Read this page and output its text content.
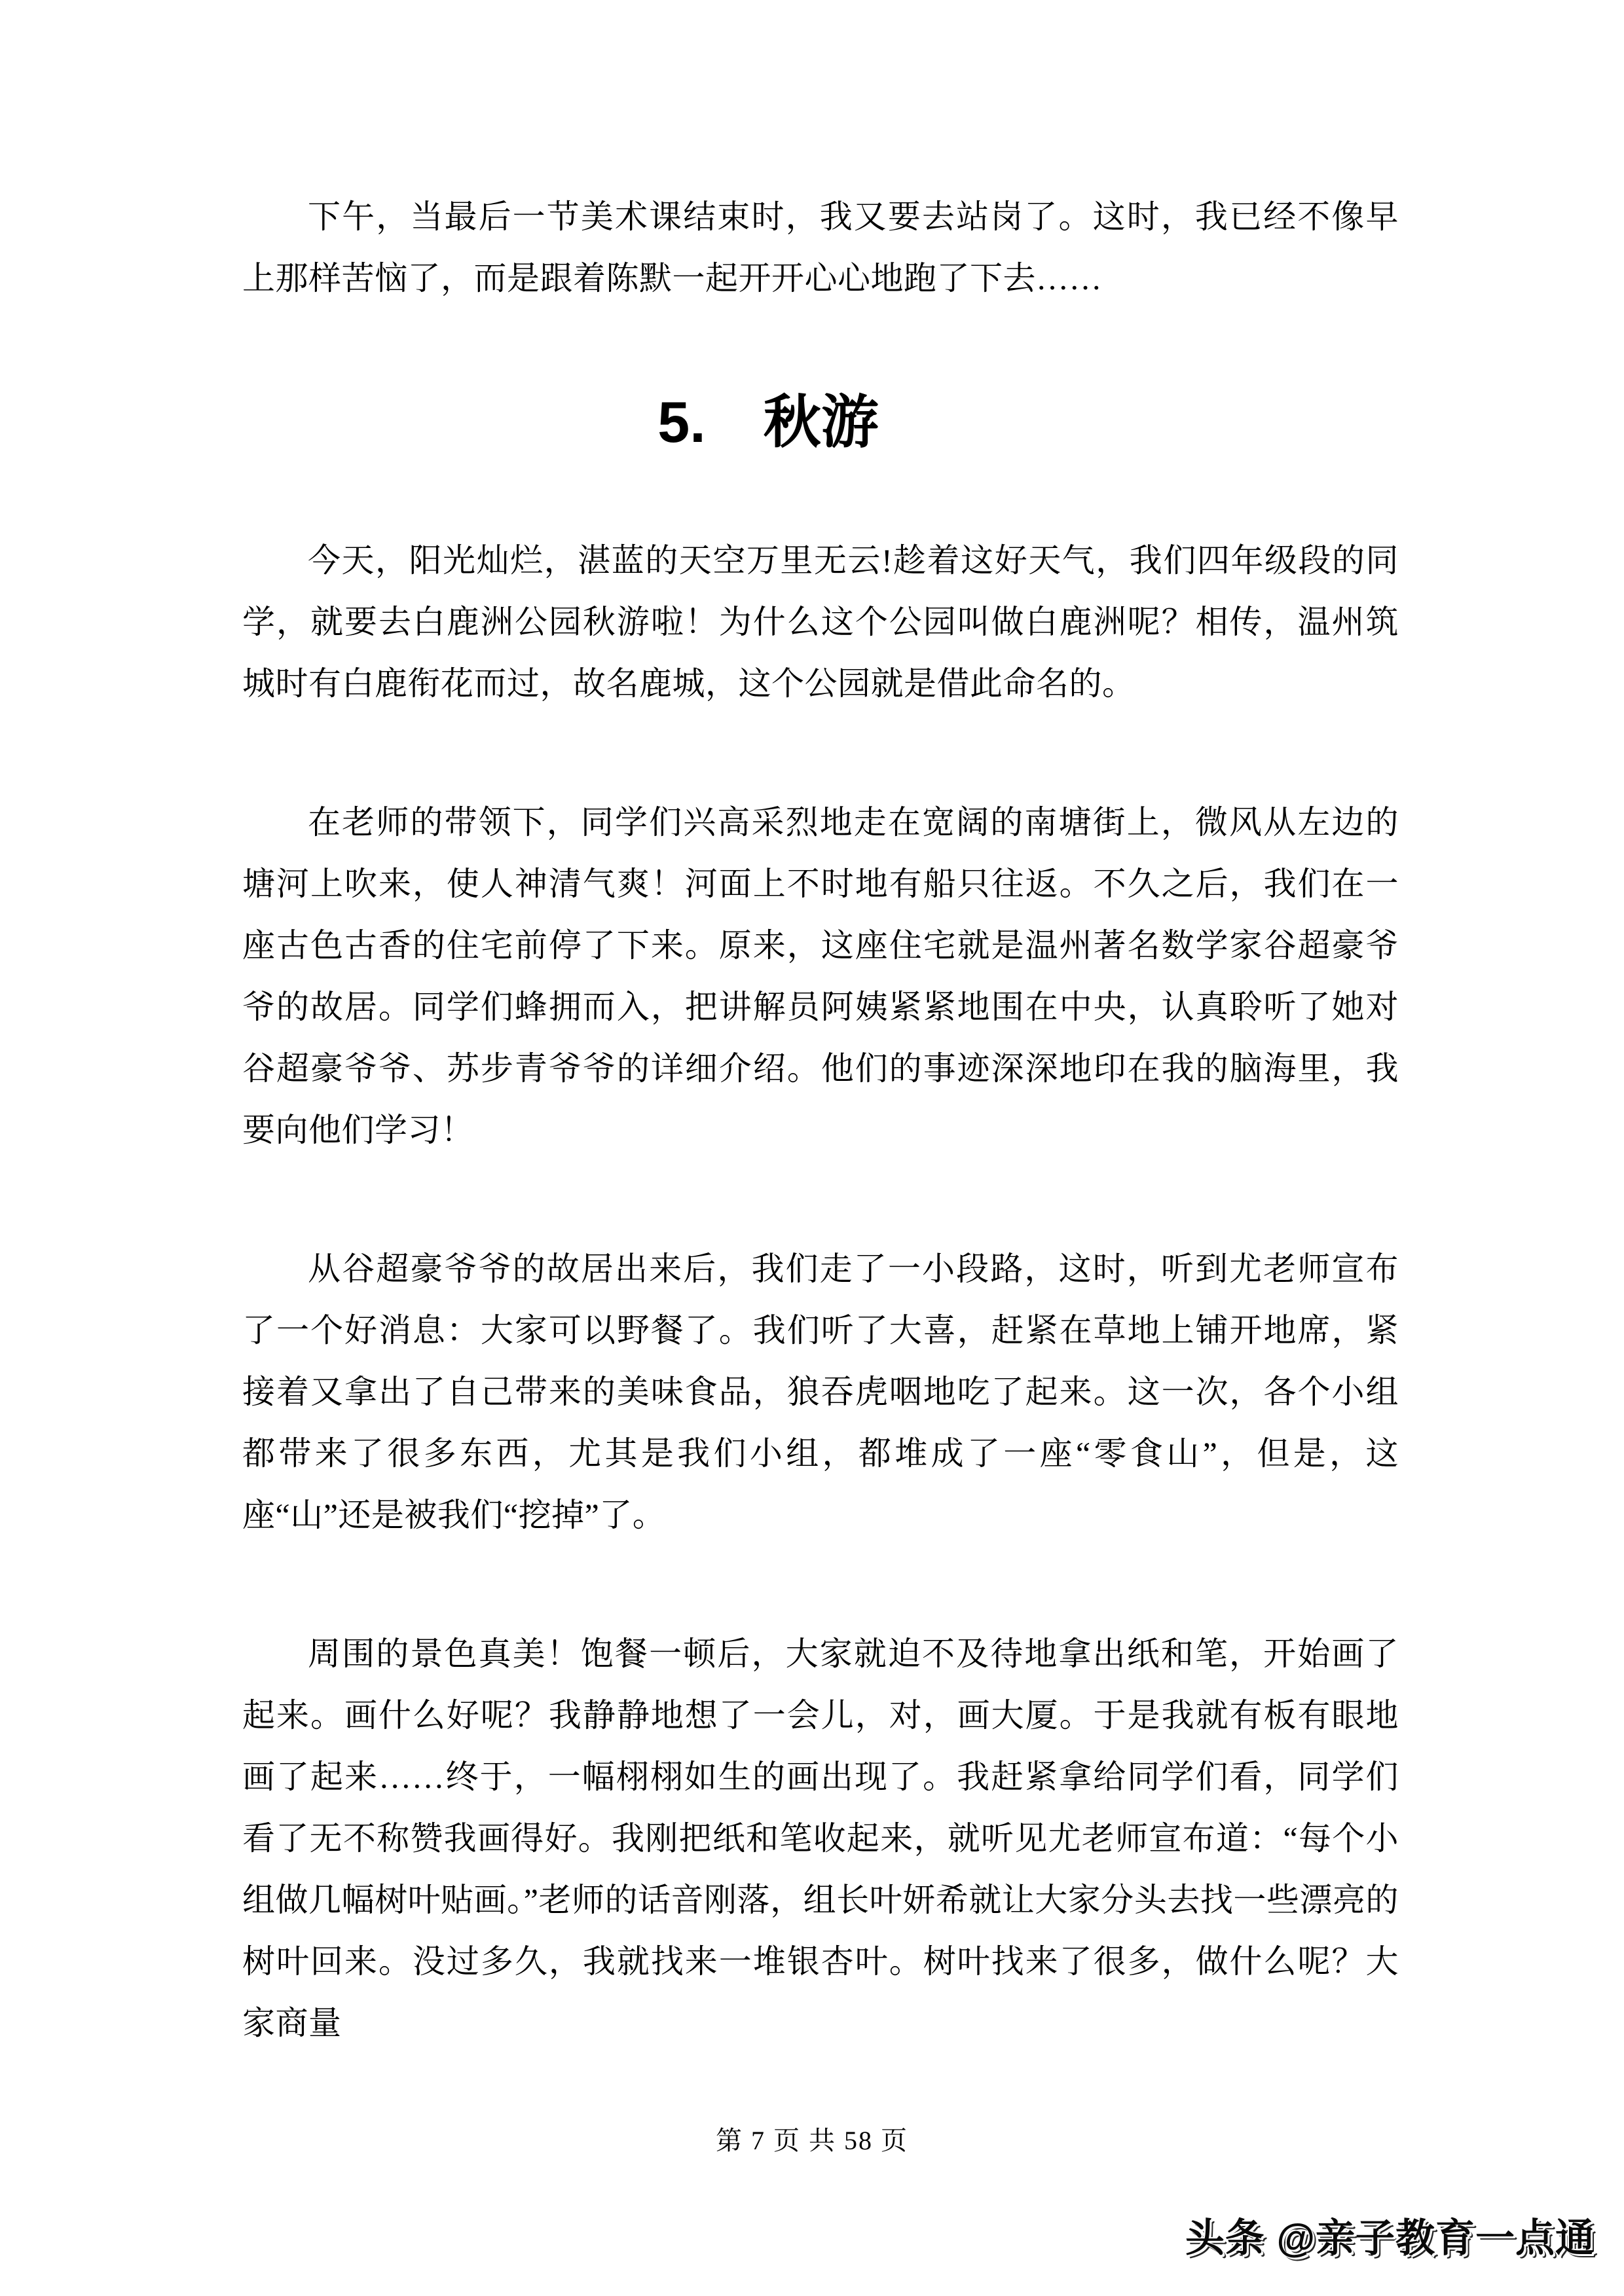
下午，当最后一节美术课结束时，我又要去站岗了。这时，我已经不像早上那样苦恼了，而是跟着陈默一起开开心心地跑了下去……

5.　秋游

今天，阳光灿烂，湛蓝的天空万里无云!趁着这好天气，我们四年级段的同学，就要去白鹿洲公园秋游啦！为什么这个公园叫做白鹿洲呢？相传，温州筑城时有白鹿衔花而过，故名鹿城，这个公园就是借此命名的。

在老师的带领下，同学们兴高采烈地走在宽阔的南塘街上，微风从左边的塘河上吹来，使人神清气爽！河面上不时地有船只往返。不久之后，我们在一座古色古香的住宅前停了下来。原来，这座住宅就是温州著名数学家谷超豪爷爷的故居。同学们蜂拥而入，把讲解员阿姨紧紧地围在中央，认真聆听了她对谷超豪爷爷、苏步青爷爷的详细介绍。他们的事迹深深地印在我的脑海里，我要向他们学习！

从谷超豪爷爷的故居出来后，我们走了一小段路，这时，听到尤老师宣布了一个好消息：大家可以野餐了。我们听了大喜，赶紧在草地上铺开地席，紧接着又拿出了自己带来的美味食品，狼吞虎咽地吃了起来。这一次，各个小组都带来了很多东西，尤其是我们小组，都堆成了一座“零食山”，但是，这座“山”还是被我们“挖掉”了。

周围的景色真美！饱餐一顿后，大家就迫不及待地拿出纸和笔，开始画了起来。画什么好呢？我静静地想了一会儿，对，画大厦。于是我就有板有眼地画了起来……终于，一幅栩栩如生的画出现了。我赶紧拿给同学们看，同学们看了无不称赞我画得好。我刚把纸和笔收起来，就听见尤老师宣布道：“每个小组做几幅树叶贴画。”老师的话音刚落，组长叶妍希就让大家分头去找一些漂亮的树叶回来。没过多久，我就找来一堆银杏叶。树叶找来了很多，做什么呢？大家商量

第 7 页 共 58 页
头条 @亲子教育一点通
